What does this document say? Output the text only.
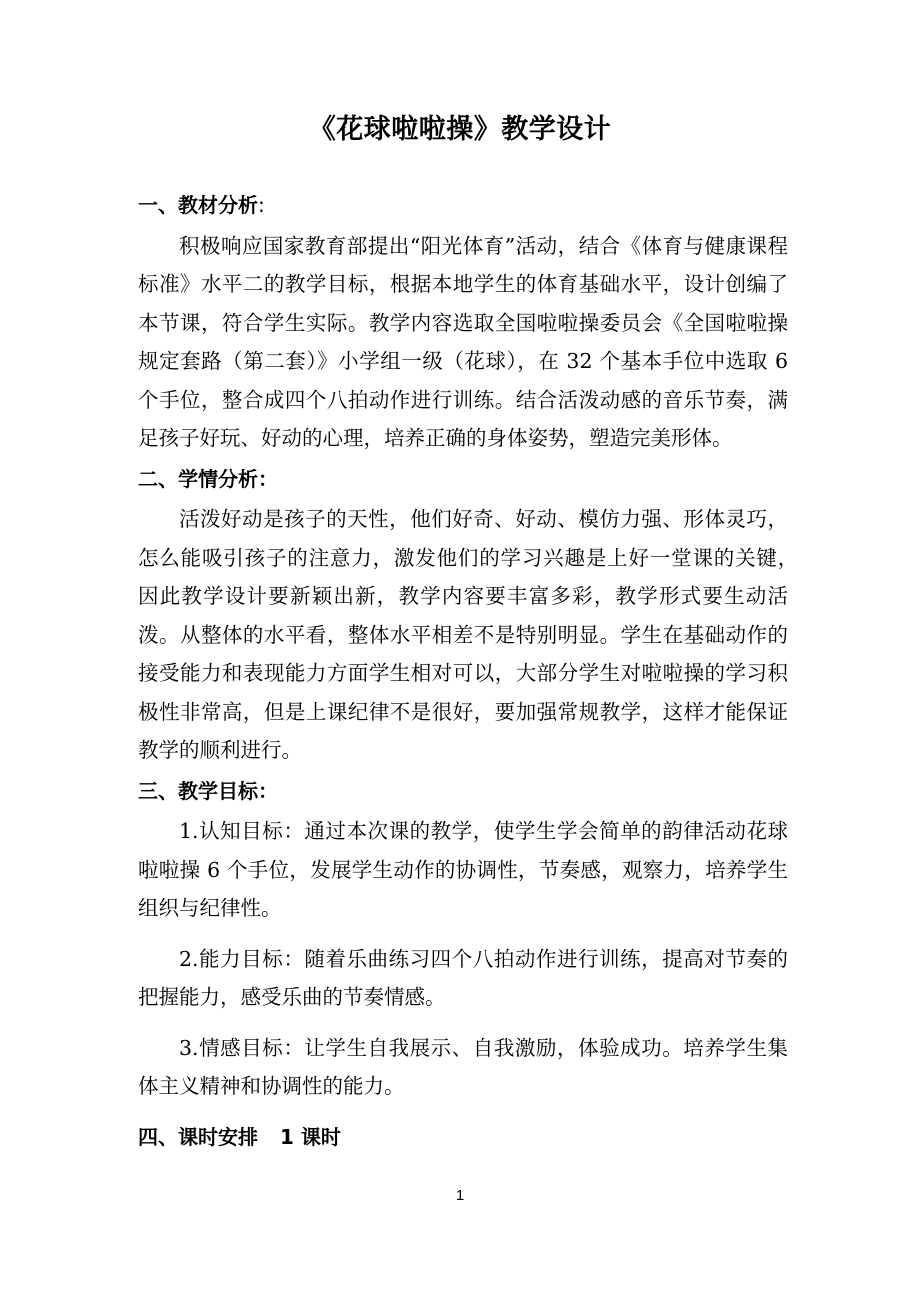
《花球啦啦操》教学设计
一、教材分析:
积极响应国家教育部提出“阳光体育”活动，结合《体育与健康课程标准》水平二的教学目标，根据本地学生的体育基础水平，设计创编了本节课，符合学生实际。教学内容选取全国啦啦操委员会《全国啦啦操规定套路（第二套）》小学组一级（花球），在 32 个基本手位中选取 6 个手位，整合成四个八拍动作进行训练。结合活泼动感的音乐节奏，满足孩子好玩、好动的心理，培养正确的身体姿势，塑造完美形体。
二、学情分析：
活泼好动是孩子的天性，他们好奇、好动、模仿力强、形体灵巧，怎么能吸引孩子的注意力，激发他们的学习兴趣是上好一堂课的关键，　因此教学设计要新颖出新，教学内容要丰富多彩，教学形式要生动活泼。从整体的水平看，整体水平相差不是特别明显。学生在基础动作的接受能力和表现能力方面学生相对可以，大部分学生对啦啦操的学习积极性非常高，但是上课纪律不是很好，要加强常规教学，这样才能保证教学的顺利进行。
三、教学目标：
1.认知目标：通过本次课的教学，使学生学会简单的韵律活动花球啦啦操 6 个手位，发展学生动作的协调性，节奏感，观察力，培养学生组织与纪律性。
2.能力目标：随着乐曲练习四个八拍动作进行训练，提高对节奏的把握能力，感受乐曲的节奏情感。
3.情感目标：让学生自我展示、自我激励，体验成功。培养学生集体主义精神和协调性的能力。
四、课时安排 1 课时
1
